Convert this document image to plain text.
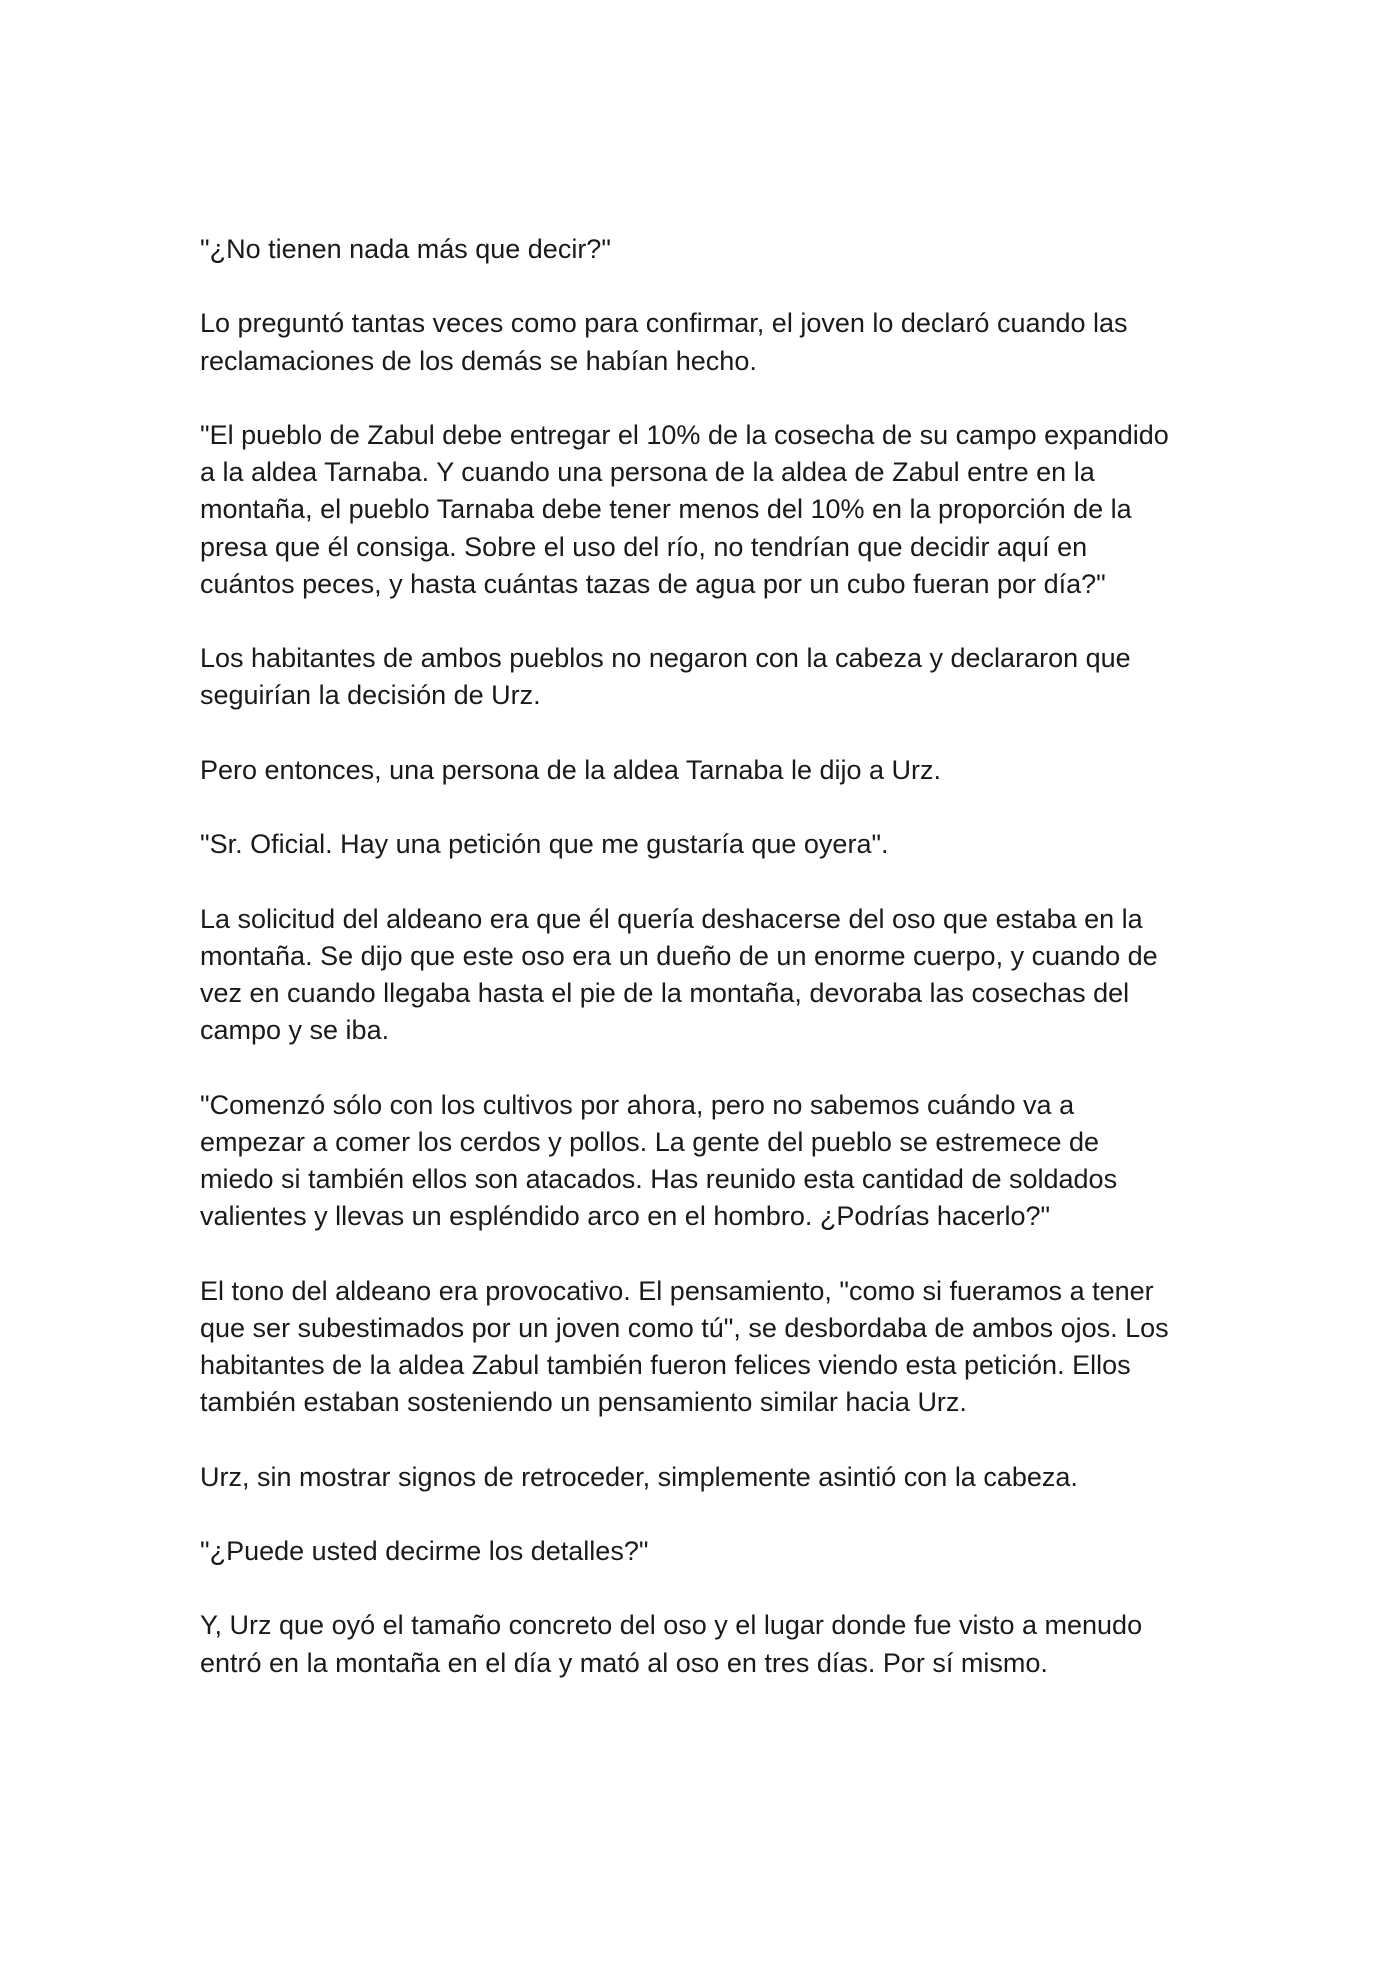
"¿No tienen nada más que decir?"

Lo preguntó tantas veces como para confirmar, el joven lo declaró cuando las
reclamaciones de los demás se habían hecho.

"El pueblo de Zabul debe entregar el 10% de la cosecha de su campo expandido
a la aldea Tarnaba. Y cuando una persona de la aldea de Zabul entre en la
montaña, el pueblo Tarnaba debe tener menos del 10% en la proporción de la
presa que él consiga. Sobre el uso del río, no tendrían que decidir aquí en
cuántos peces, y hasta cuántas tazas de agua por un cubo fueran por día?"

Los habitantes de ambos pueblos no negaron con la cabeza y declararon que
seguirían la decisión de Urz.

Pero entonces, una persona de la aldea Tarnaba le dijo a Urz.

"Sr. Oficial. Hay una petición que me gustaría que oyera".

La solicitud del aldeano era que él quería deshacerse del oso que estaba en la
montaña. Se dijo que este oso era un dueño de un enorme cuerpo, y cuando de
vez en cuando llegaba hasta el pie de la montaña, devoraba las cosechas del
campo y se iba.

"Comenzó sólo con los cultivos por ahora, pero no sabemos cuándo va a
empezar a comer los cerdos y pollos. La gente del pueblo se estremece de
miedo si también ellos son atacados. Has reunido esta cantidad de soldados
valientes y llevas un espléndido arco en el hombro. ¿Podrías hacerlo?"

El tono del aldeano era provocativo. El pensamiento, "como si fueramos a tener
que ser subestimados por un joven como tú", se desbordaba de ambos ojos. Los
habitantes de la aldea Zabul también fueron felices viendo esta petición. Ellos
también estaban sosteniendo un pensamiento similar hacia Urz.

Urz, sin mostrar signos de retroceder, simplemente asintió con la cabeza.

"¿Puede usted decirme los detalles?"

Y, Urz que oyó el tamaño concreto del oso y el lugar donde fue visto a menudo
entró en la montaña en el día y mató al oso en tres días. Por sí mismo.
